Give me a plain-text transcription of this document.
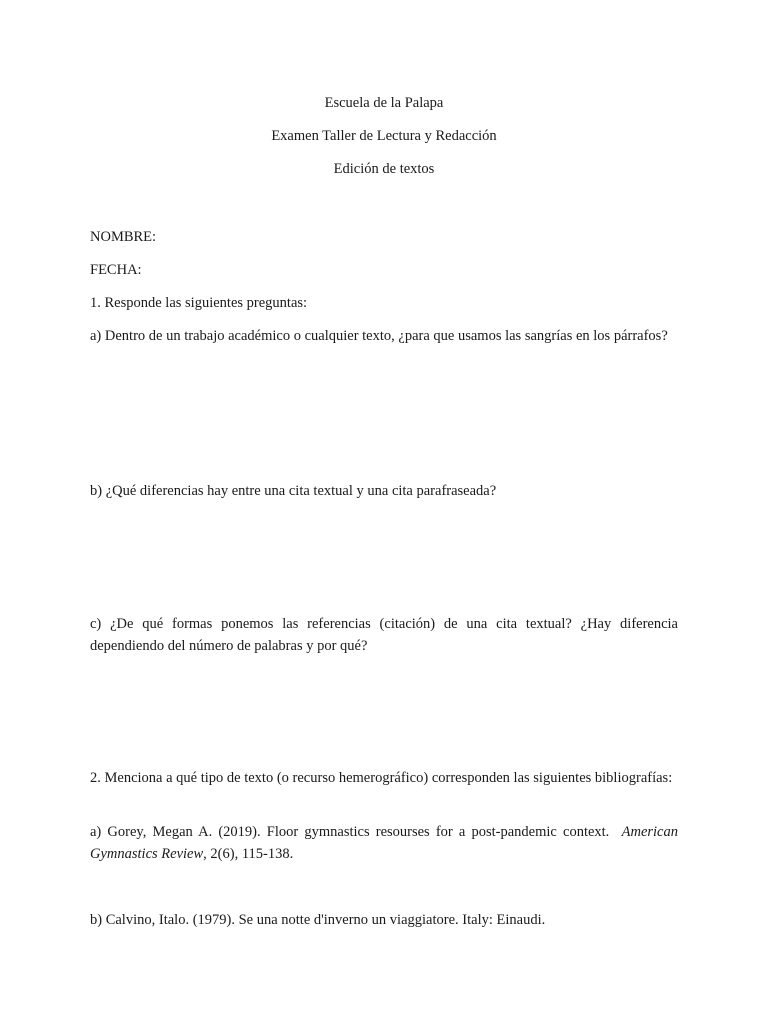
Escuela de la Palapa

Examen Taller de Lectura y Redacción

Edición de textos

NOMBRE:

FECHA:

1. Responde las siguientes preguntas:

a) Dentro de un trabajo académico o cualquier texto, ¿para que usamos las sangrías en los párrafos?

b) ¿Qué diferencias hay entre una cita textual y una cita parafraseada?

c) ¿De qué formas ponemos las referencias (citación) de una cita textual? ¿Hay diferencia dependiendo del número de palabras y por qué?

2. Menciona a qué tipo de texto (o recurso hemerográfico) corresponden las siguientes bibliografías:

a) Gorey, Megan A. (2019). Floor gymnastics resourses for a post-pandemic context. American Gymnastics Review, 2(6), 115-138.

b) Calvino, Italo. (1979). Se una notte d'inverno un viaggiatore. Italy: Einaudi.
